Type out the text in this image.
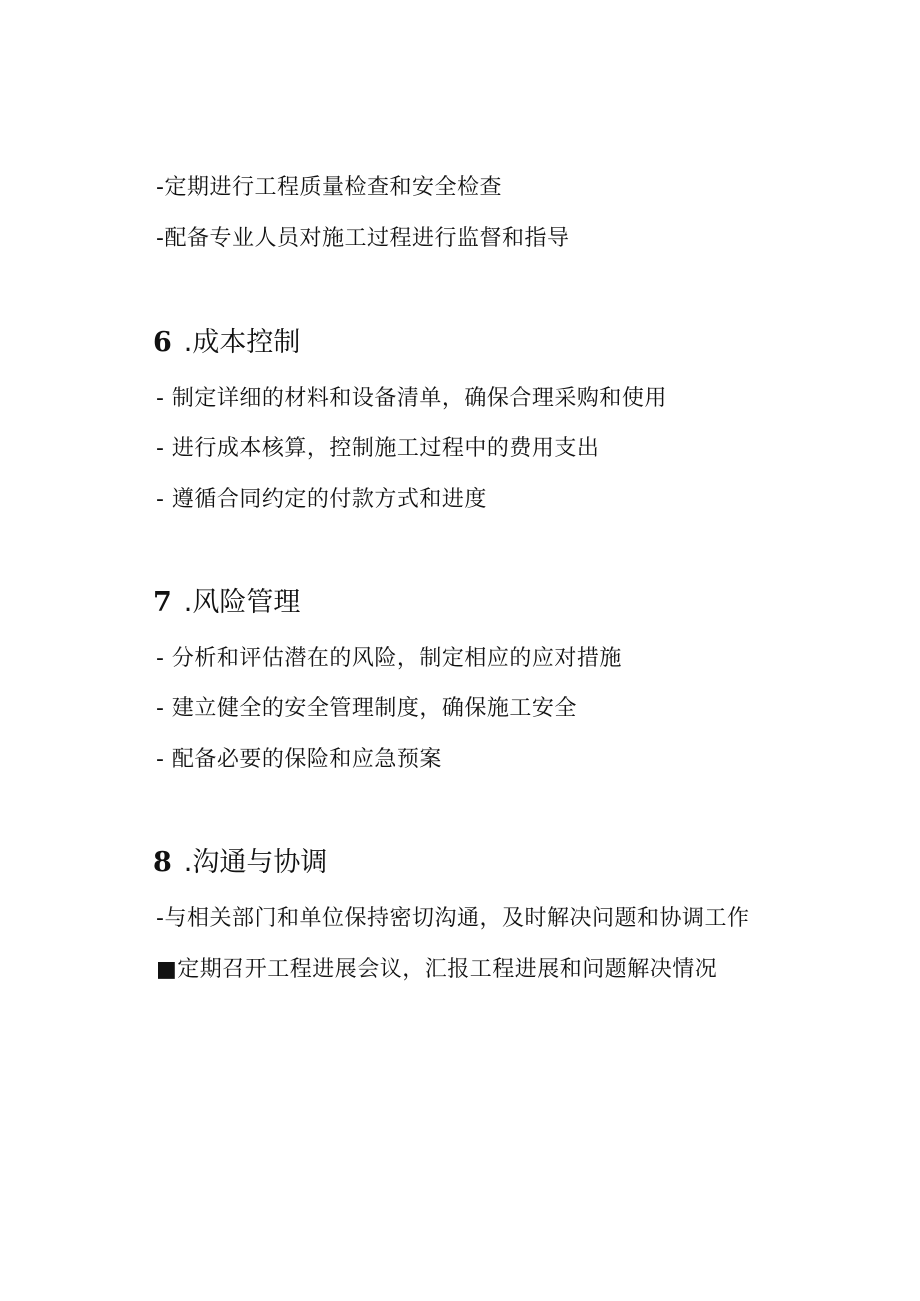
-定期进行工程质量检查和安全检查
-配备专业人员对施工过程进行监督和指导
6 .成本控制
- 制定详细的材料和设备清单，确保合理采购和使用
- 进行成本核算，控制施工过程中的费用支出
- 遵循合同约定的付款方式和进度
7 .风险管理
- 分析和评估潜在的风险，制定相应的应对措施
- 建立健全的安全管理制度，确保施工安全
- 配备必要的保险和应急预案
8 .沟通与协调
-与相关部门和单位保持密切沟通，及时解决问题和协调工作
■定期召开工程进展会议，汇报工程进展和问题解决情况
